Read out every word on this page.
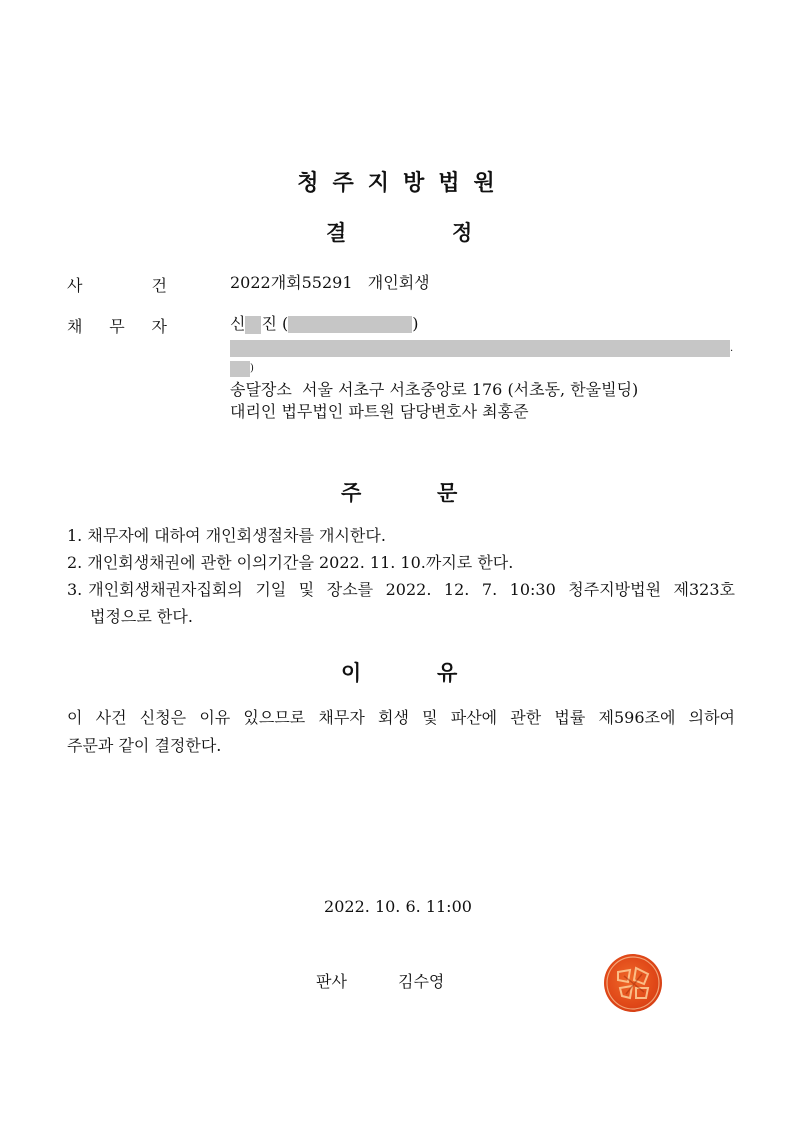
청주지방법원
결	정
사	건	2022개회55291   개인회생
채 무 자	신 진 (	)
.
)
송달장소 서울 서초구 서초중앙로 176 (서초동, 한울빌딩)
대리인 법무법인 파트원 담당변호사 최홍준
주	문
1. 채무자에 대하여 개인회생절차를 개시한다.
2. 개인회생채권에 관한 이의기간을 2022. 11. 10.까지로 한다.
3. 개인회생채권자집회의 기일 및 장소를 2022. 12. 7. 10:30 청주지방법원 제323호
법정으로 한다.
이	유
이 사건 신청은 이유 있으므로 채무자 회생 및 파산에 관한 법률 제596조에 의하여
주문과 같이 결정한다.
2022. 10. 6. 11:00
판사	김수영
